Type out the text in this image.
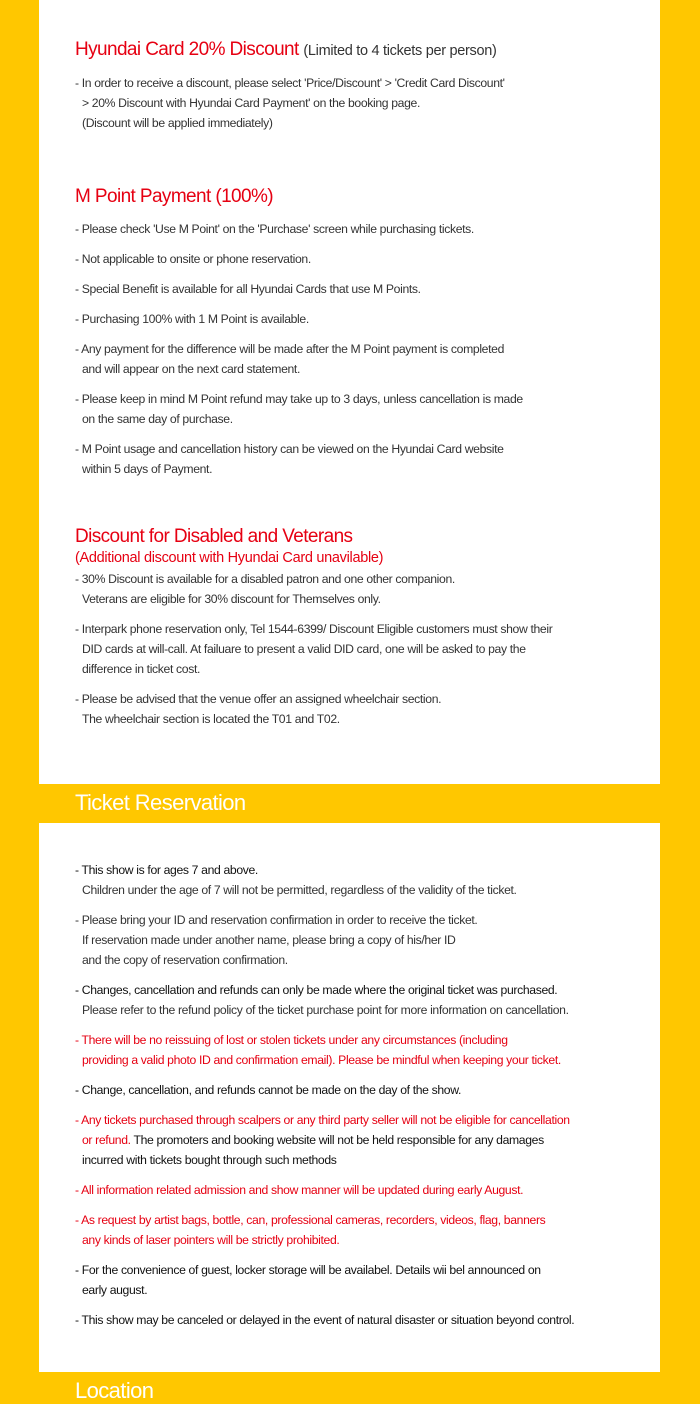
Hyundai Card 20% Discount (Limited to 4 tickets per person)
- In order to receive a discount, please select 'Price/Discount' > 'Credit Card Discount'
> 20% Discount with Hyundai Card Payment' on the booking page.
(Discount will be applied immediately)
M Point Payment (100%)
- Please check 'Use M Point' on the 'Purchase' screen while purchasing tickets.
- Not applicable to onsite or phone reservation.
- Special Benefit is available for all Hyundai Cards that use M Points.
- Purchasing 100% with 1 M Point is available.
- Any payment for the difference will be made after the M Point payment is completed
and will appear on the next card statement.
- Please keep in mind M Point refund may take up to 3 days, unless cancellation is made
on the same day of purchase.
- M Point usage and cancellation history can be viewed on the Hyundai Card website
within 5 days of Payment.
Discount for Disabled and Veterans
(Additional discount with Hyundai Card unavilable)
- 30% Discount is available for a disabled patron and one other companion.
Veterans are eligible for 30% discount for Themselves only.
- Interpark phone reservation only, Tel 1544-6399/ Discount Eligible customers must show their
DID cards at will-call. At failuare to present a valid DID card, one will be asked to pay the
difference in ticket cost.
- Please be advised that the venue offer an assigned wheelchair section.
The wheelchair section is located the T01 and T02.
Ticket Reservation
- This show is for ages 7 and above.
Children under the age of 7 will not be permitted, regardless of the validity of the ticket.
- Please bring your ID and reservation confirmation in order to receive the ticket.
If reservation made under another name, please bring a copy of his/her ID
and the copy of reservation confirmation.
- Changes, cancellation and refunds can only be made where the original ticket was purchased.
Please refer to the refund policy of the ticket purchase point for more information on cancellation.
- There will be no reissuing of lost or stolen tickets under any circumstances (including
providing a valid photo ID and confirmation email). Please be mindful when keeping your ticket.
- Change, cancellation, and refunds cannot be made on the day of the show.
- Any tickets purchased through scalpers or any third party seller will not be eligible for cancellation
or refund. The promoters and booking website will not be held responsible for any damages
incurred with tickets bought through such methods
- All information related admission and show manner will be updated during early August.
- As request by artist bags, bottle, can, professional cameras, recorders, videos, flag, banners
any kinds of laser pointers will be strictly prohibited.
- For the convenience of guest, locker storage will be availabel. Details wii bel announced on
early august.
- This show may be canceled or delayed in the event of natural disaster or situation beyond control.
Location
